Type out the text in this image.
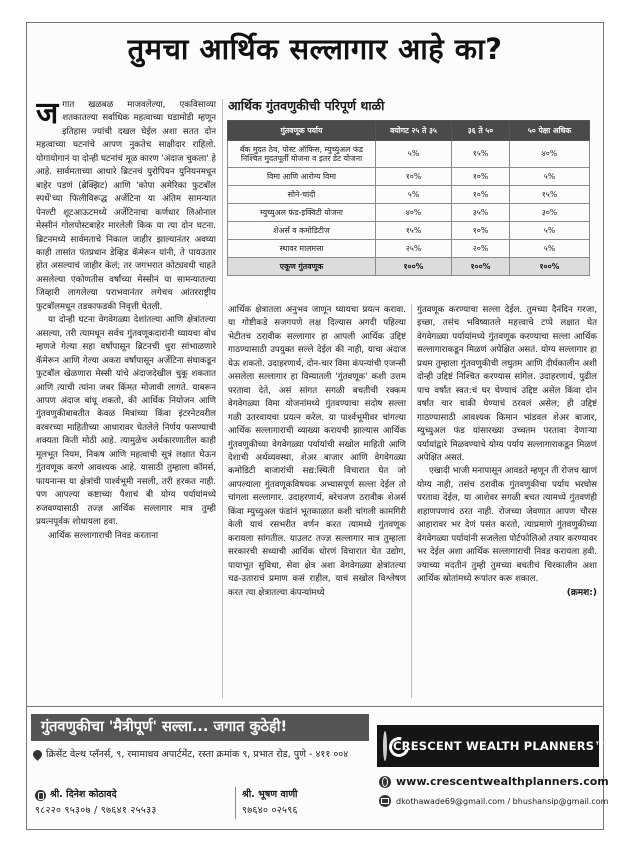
तुमचा आर्थिक सल्लागार आहे का?

जगात खळबळ माजवलेल्या, एकविसाव्या शतकातल्या सर्वाधिक महत्वाच्या घडामोडी म्हणून इतिहास ज्यांची दखल घेईल अशा सतत दोन महत्वाच्या घटनांचे आपण नुकतेच साक्षीदार राहिलो. योगायोगानं या दोन्ही घटनांचं मूळ कारण 'अंदाज चुकला' हे आहे. सार्वमताच्या आधारे ब्रिटनचं युरोपियन युनियनमधून बाहेर पडणं (ब्रेक्झिट) आणि 'कोपा अमेरिका फुटबॉल स्पर्धे'च्या फिलीविरूद्ध अर्जेटिना या अंतिम सामन्यात पेनल्टी शूटआऊटमध्ये अर्जेटिनाचा कर्णधार लिओनाल मेस्सीनं गोलपोस्टबाहेर मारलेली किक या त्या दोन घटना. ब्रिटनमध्ये सार्वमताचे निकाल जाहीर झाल्यानंतर अवघ्या काही तासांत पंतप्रधान डेव्हिड कॅमेरून यांनी, ते पायउतार होत असल्याचं जाहीर केलं; तर जगभरात कोट्यवधी चाहते असलेल्या एकोणतीस वर्षांच्या मेस्सीनं या सामन्यातल्या जिव्हारी लागलेल्या पराभवानंतर लगेचच आंतरराष्ट्रीय फुटबॉलमधून तडकाफडकी निवृत्ती घेतली.

या दोन्ही घटना वेगवेगळ्या देशांतल्या आणि क्षेत्रांतल्या असल्या, तरी त्यामधून सर्वच गुंतवणूकदारांनी घ्यायचा बोध म्हणजे गेल्या सहा वर्षांपासून ब्रिटनची धुरा सांभाळणारे कॅमेरून आणि गेल्या अकरा वर्षांपासून अर्जेटिना संघाकडून फुटबॉल खेळणारा मेस्सी यांचे अंदाजदेखील चुकू शकतात आणि त्याची त्यांना जबर किंमत मोजावी लागते. याबरून आपण अंदाज बांधू शकतो, की आर्थिक नियोजन आणि गुंतवणुकीबाबतीत केवळ मित्रांच्या किंवा इंटरनेटवरील वरवरच्या माहितीच्या आधारावर घेतलेले निर्णय फसण्याची शक्यता किती मोठी आहे. त्यामुळेच अर्थकारणातील काही मूलभूत नियम, निकष आणि महत्वाची सूत्रं लक्षात घेऊन गुंतवणूक करणे आवश्यक आहे. यासाठी तुम्हाला कॉमर्स, फायनान्स या क्षेत्रांची पार्श्वभूमी नसली, तरी हरकत नाही. पण आपल्या कष्टाच्या पैशाचं बी योग्य पर्यायांमध्ये रुजवण्यासाठी तज्ज्ञ आर्थिक सल्लागार मात्र तुम्ही प्रयत्नपूर्वक शोधायला हवा.

आर्थिक सल्लागाराची निवड करताना

आर्थिक गुंतवणुकीची परिपूर्ण थाळी
गुंतवणूक पर्याय	वयोगट २५ ते ३५	३६ ते ५०	५० पेक्षा अधिक
बँक मुदत ठेव, पोस्ट ऑफिस, म्युच्युअल फंड निश्चित मुदतपूर्ती योजना व इतर डेट योजना	५%	१५%	४०%
विमा आणि आरोग्य विमा	१०%	१०%	५%
सोने-चांदी	५%	१०%	१५%
म्युच्युअल फंड-इक्विटी योजना	४०%	३५%	३०%
शेअर्स व कमोडिटीज	१५%	१०%	५%
स्थावर मालमत्ता	२५%	२०%	५%
एकूण गुंतवणूक	१००%	१००%	१००%

आर्थिक क्षेत्रातला अनुभव जाणून घ्यायचा प्रयत्न करावा. या गोष्टीकडे सजगपणे लक्ष दिल्यास अगदी पहिल्या भेटीतच ठरावीक सल्लागार हा आपली आर्थिक उद्दिष्टं गाठण्यासाठी उपयुक्त सल्ले देईल की नाही, याचा अंदाज येऊ शकतो. उदाहरणार्थ, दोन-चार विमा कंपन्यांची एजन्सी असलेला सल्लागार हा विम्यातली 'गुंतवणूक' कशी उत्तम परतावा देते, असं सांगत सगळी बचतीची रक्कम वेगवेगळ्या विमा योजनांमध्ये गुंतवण्याचा सदोष सल्ला गळी उतरवायचा प्रयत्न करेल. या पार्श्वभूमीवर चांगल्या आर्थिक सल्लागाराची व्याख्या करायची झाल्यास आर्थिक गुंतवणुकीच्या वेगवेगळ्या पर्यायांची सखोल माहिती आणि देशाची अर्थव्यवस्था, शेअर बाजार आणि वेगवेगळ्या कमोडिटी बाजारांची सद्य:स्थिती विचारात घेत जो आपल्याला गुंतवणूकविषयक अभ्यासपूर्ण सल्ला देईल तो चांगला सल्लागार. उदाहरणार्थ, बरेचजण ठरावीक शेअर्स किंवा म्युच्युअल फंडांनं भूतकाळात कशी चांगली कामगिरी केली याचं रसभरीत वर्णन करत त्यामध्ये गुंतवणूक करायला सांगतील. याउलट तज्ज्ञ सल्लागार मात्र तुम्हाला सरकारची सध्याची आर्थिक धोरणं विचारात घेत उद्योग, पायाभूत सुविधा, सेवा क्षेत्र अशा वेगवेगळ्या क्षेत्रांतल्या चढ-उताराचं प्रमाण कसं राहील, याचं सखोल विश्लेषण करत त्या क्षेत्रातल्या कंपन्यांमध्ये

गुंतवणूक करण्याचा सल्ला देईल. तुमच्या दैनंदिन गरजा, इच्छा, तसंच भविष्यातले महत्त्वाचे टप्पे लक्षात घेत वेगवेगळ्या पर्यायांमध्ये गुंतवणूक करण्याचा सल्ला आर्थिक सल्लागाराकडून मिळणं अपेक्षित असतं. योग्य सल्लागार हा प्रथम तुम्हाला गुंतवणुकीची लघुतम आणि दीर्घकालीन अशी दोन्ही उद्दिष्टं निश्चित करण्यास सांगेल. उदाहरणार्थ, पुढील पाच वर्षांत स्वत:चं घर घेण्याचं उद्दिष्ट असेल किंवा दोन वर्षांत चार चाकी घेण्याचं ठरवलं असेल; ही उद्दिष्टं गाठण्यासाठी आवश्यक किमान भांडवल शेअर बाजार, म्युच्युअल फंड यांसारख्या उच्चतम परतावा देणाऱ्या पर्यायांद्वारे मिळवण्याचे योग्य पर्याय सल्लागाराकडून मिळणं अपेक्षित असतं.

एखादी भाजी मनापासून आवडते म्हणून ती रोजच खाणं योग्य नाही, तसंच ठरावीक गुंतवणुकीचा पर्याय भरघोस परतावा देईल, या आशेवर सगळी बचत त्यामध्ये गुंतवणंही शहाणपणाचं ठरत नाही. रोजच्या जेवणात आपण चौरस आहारावर भर देणं पसंत करतो, त्याप्रमाणे गुंतवणुकीच्या वेगवेगळ्या पर्यायांनी सजलेला पोर्टफोलिओ तयार करण्यावर भर देईल अशा आर्थिक सल्लागाराची निवड करायला हवी. ज्याच्या मदतीनं तुम्ही तुमच्या बचतीचं चिरकालीन अशा आर्थिक स्रोतांमध्ये रूपांतर करू शकाल.

(क्रमश:)
गुंतवणुकीचा 'मैत्रीपूर्ण' सल्ला... जगात कुठेही!
क्रिसेंट वेल्थ प्लॅनर्स, ९, रमामाधव अपार्टमेंट, रस्ता क्रमांक ९, प्रभात रोड, पुणे - ४११ ००४
श्री. दिनेश कोठावदे
९८२२० ९५३०७ / ९७६४१ २५५३३
श्री. भूषण वाणी
९७६४० ०२५९६
CRESCENT WEALTH PLANNERS™
www.crescentwealthplanners.com
dkothawade69@gmail.com / bhushansip@gmail.com
